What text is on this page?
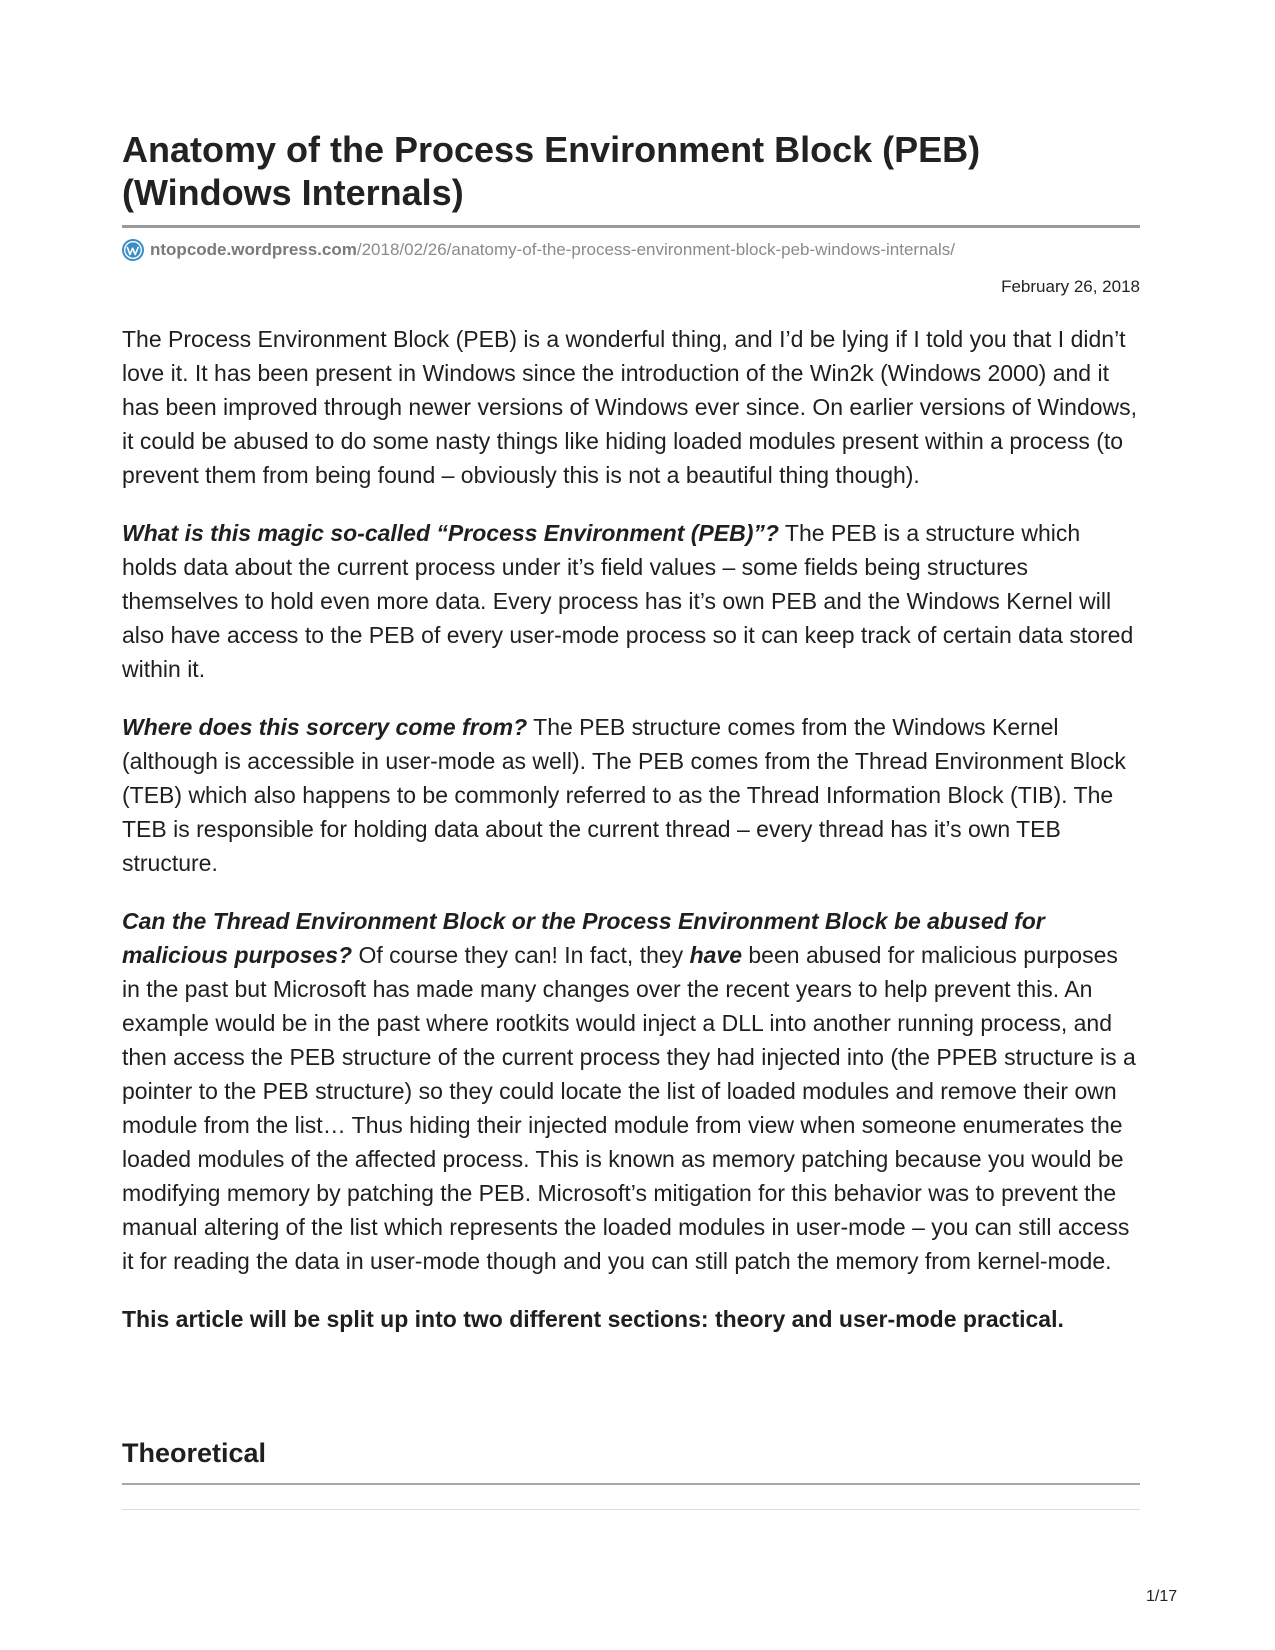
Anatomy of the Process Environment Block (PEB)
(Windows Internals)
ntopcode.wordpress.com /2018/02/26/anatomy-of-the-process-environment-block-peb-windows-internals/
February 26, 2018

The Process Environment Block (PEB) is a wonderful thing, and I’d be lying if I told you that I didn’t love it. It has been present in Windows since the introduction of the Win2k (Windows 2000) and it has been improved through newer versions of Windows ever since. On earlier versions of Windows, it could be abused to do some nasty things like hiding loaded modules present within a process (to prevent them from being found – obviously this is not a beautiful thing though).

What is this magic so-called “Process Environment (PEB)”? The PEB is a structure which holds data about the current process under it’s field values – some fields being structures themselves to hold even more data. Every process has it’s own PEB and the Windows Kernel will also have access to the PEB of every user-mode process so it can keep track of certain data stored within it.

Where does this sorcery come from? The PEB structure comes from the Windows Kernel (although is accessible in user-mode as well). The PEB comes from the Thread Environment Block (TEB) which also happens to be commonly referred to as the Thread Information Block (TIB). The TEB is responsible for holding data about the current thread – every thread has it’s own TEB structure.

Can the Thread Environment Block or the Process Environment Block be abused for malicious purposes? Of course they can! In fact, they have been abused for malicious purposes in the past but Microsoft has made many changes over the recent years to help prevent this. An example would be in the past where rootkits would inject a DLL into another running process, and then access the PEB structure of the current process they had injected into (the PPEB structure is a pointer to the PEB structure) so they could locate the list of loaded modules and remove their own module from the list… Thus hiding their injected module from view when someone enumerates the loaded modules of the affected process. This is known as memory patching because you would be modifying memory by patching the PEB. Microsoft’s mitigation for this behavior was to prevent the manual altering of the list which represents the loaded modules in user-mode – you can still access it for reading the data in user-mode though and you can still patch the memory from kernel-mode.

This article will be split up into two different sections: theory and user-mode practical.

Theoretical
1/17
